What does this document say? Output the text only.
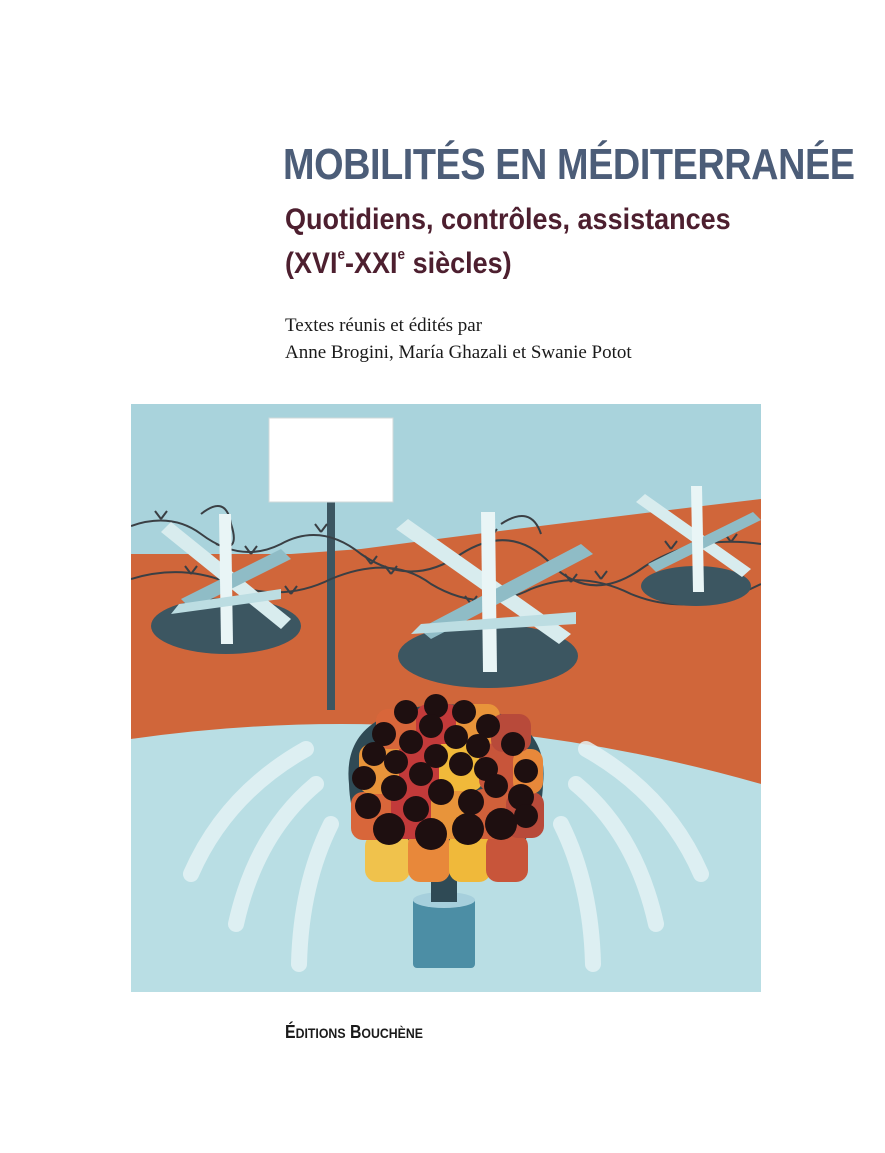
MOBILITÉS EN MÉDITERRANÉE
Quotidiens, contrôles, assistances
(XVIe-XXIe siècles)
Textes réunis et édités par
Anne Brogini, María Ghazali et Swanie Potot
ÉDITIONS BOUCHÈNE
